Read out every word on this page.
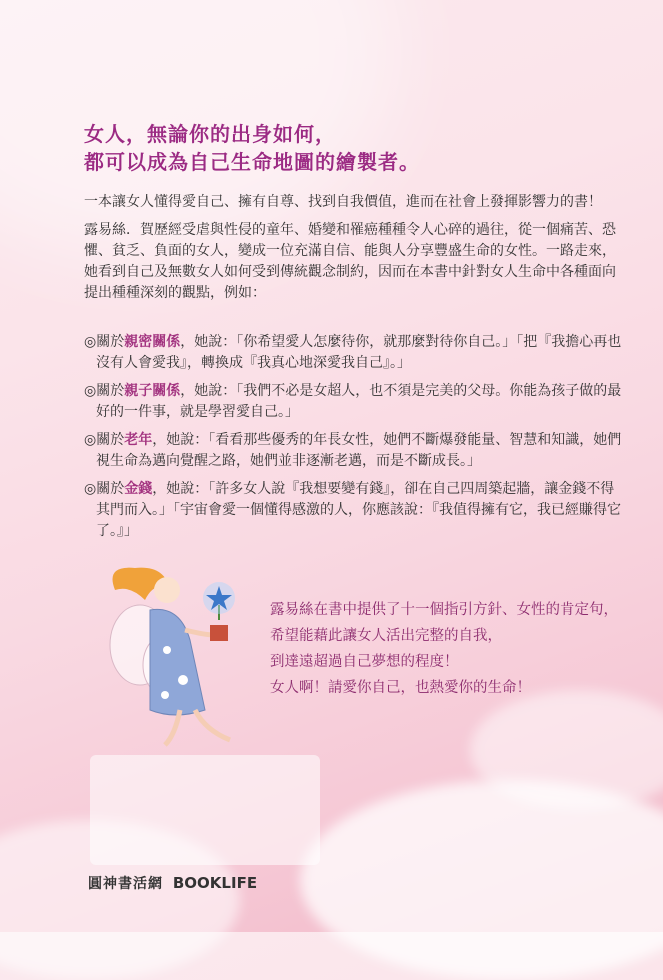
女人，無論你的出身如何，
都可以成為自己生命地圖的繪製者。
一本讓女人懂得愛自己、擁有自尊、找到自我價值，進而在社會上發揮影響力的書！
露易絲．賀歷經受虐與性侵的童年、婚變和罹癌種種令人心碎的過往，從一個痛苦、恐懼、貧乏、負面的女人，變成一位充滿自信、能與人分享豐盛生命的女性。一路走來，她看到自己及無數女人如何受到傳統觀念制約，因而在本書中針對女人生命中各種面向提出種種深刻的觀點，例如：
◎關於親密關係，她說：「你希望愛人怎麼待你，就那麼對待你自己。」「把『我擔心再也沒有人會愛我』，轉換成『我真心地深愛我自己』。」
◎關於親子關係，她說：「我們不必是女超人，也不須是完美的父母。你能為孩子做的最好的一件事，就是學習愛自己。」
◎關於老年，她說：「看看那些優秀的年長女性，她們不斷爆發能量、智慧和知識，她們視生命為邁向覺醒之路，她們並非逐漸老邁，而是不斷成長。」
◎關於金錢，她說：「許多女人說『我想要變有錢』，卻在自己四周築起牆，讓金錢不得其門而入。」「宇宙會愛一個懂得感激的人，你應該說：『我值得擁有它，我已經賺得它了。』」
露易絲在書中提供了十一個指引方針、女性的肯定句，
希望能藉此讓女人活出完整的自我，
到達遠超過自己夢想的程度！
女人啊！請愛你自己，也熱愛你的生命！
圓神書活網 BOOKLIFE
